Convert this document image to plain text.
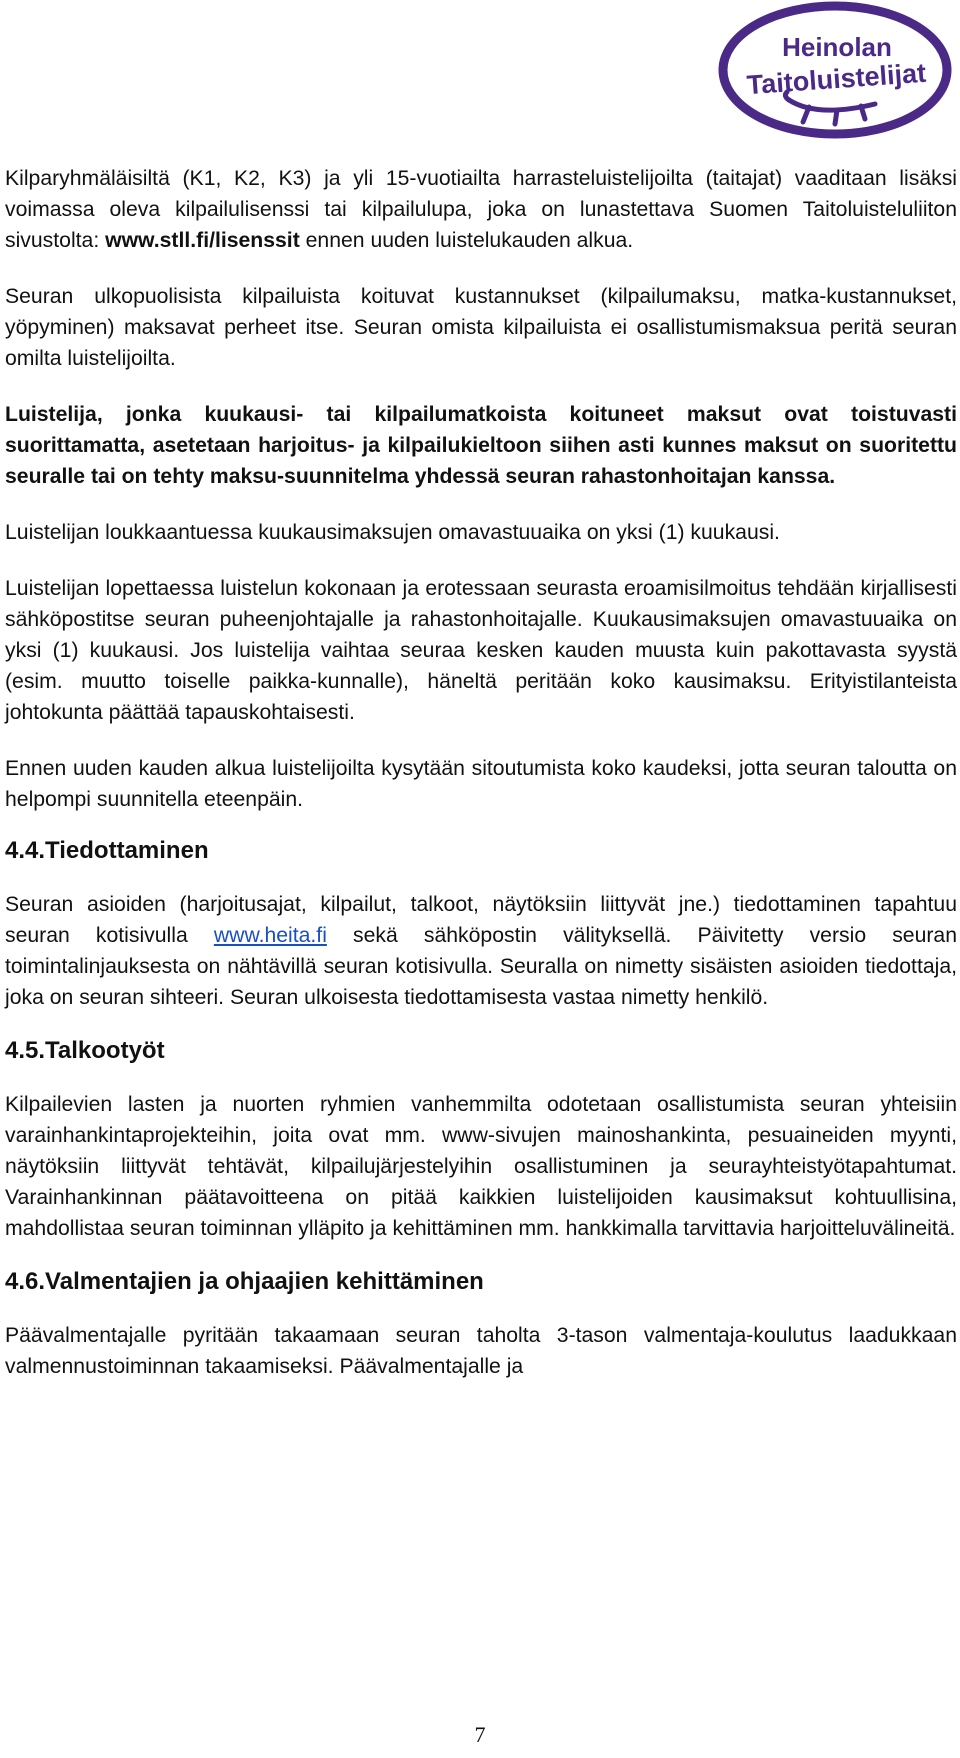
Heinolan
Taitoluistelijat

Kilparyhmäläisiltä (K1, K2, K3) ja yli 15-vuotiailta harrasteluistelijoilta (taitajat) vaaditaan lisäksi voimassa oleva kilpailulisenssi tai kilpailulupa, joka on lunastettava Suomen Taitoluisteluliiton sivustolta: www.stll.fi/lisenssit ennen uuden luistelukauden alkua.

Seuran ulkopuolisista kilpailuista koituvat kustannukset (kilpailumaksu, matka-kustannukset, yöpyminen) maksavat perheet itse. Seuran omista kilpailuista ei osallistumismaksua peritä seuran omilta luistelijoilta.

Luistelija, jonka kuukausi- tai kilpailumatkoista koituneet maksut ovat toistuvasti suorittamatta, asetetaan harjoitus- ja kilpailukieltoon siihen asti kunnes maksut on suoritettu seuralle tai on tehty maksu-suunnitelma yhdessä seuran rahastonhoitajan kanssa.

Luistelijan loukkaantuessa kuukausimaksujen omavastuuaika on yksi (1) kuukausi.

Luistelijan lopettaessa luistelun kokonaan ja erotessaan seurasta eroamisilmoitus tehdään kirjallisesti sähköpostitse seuran puheenjohtajalle ja rahastonhoitajalle. Kuukausimaksujen omavastuuaika on yksi (1) kuukausi. Jos luistelija vaihtaa seuraa kesken kauden muusta kuin pakottavasta syystä (esim. muutto toiselle paikka-kunnalle), häneltä peritään koko kausimaksu. Erityistilanteista johtokunta päättää tapauskohtaisesti.

Ennen uuden kauden alkua luistelijoilta kysytään sitoutumista koko kaudeksi, jotta seuran taloutta on helpompi suunnitella eteenpäin.

4.4.Tiedottaminen

Seuran asioiden (harjoitusajat, kilpailut, talkoot, näytöksiin liittyvät jne.) tiedottaminen tapahtuu seuran kotisivulla www.heita.fi sekä sähköpostin välityksellä. Päivitetty versio seuran toimintalinjauksesta on nähtävillä seuran kotisivulla. Seuralla on nimetty sisäisten asioiden tiedottaja, joka on seuran sihteeri. Seuran ulkoisesta tiedottamisesta vastaa nimetty henkilö.

4.5.Talkootyöt

Kilpailevien lasten ja nuorten ryhmien vanhemmilta odotetaan osallistumista seuran yhteisiin varainhankintaprojekteihin, joita ovat mm. www-sivujen mainoshankinta, pesuaineiden myynti, näytöksiin liittyvät tehtävät, kilpailujärjestelyihin osallistuminen ja seurayhteistyötapahtumat. Varainhankinnan päätavoitteena on pitää kaikkien luistelijoiden kausimaksut kohtuullisina, mahdollistaa seuran toiminnan ylläpito ja kehittäminen mm. hankkimalla tarvittavia harjoitteluvälineitä.

4.6.Valmentajien ja ohjaajien kehittäminen

Päävalmentajalle pyritään takaamaan seuran taholta 3-tason valmentaja-koulutus laadukkaan valmennustoiminnan takaamiseksi. Päävalmentajalle ja

7
